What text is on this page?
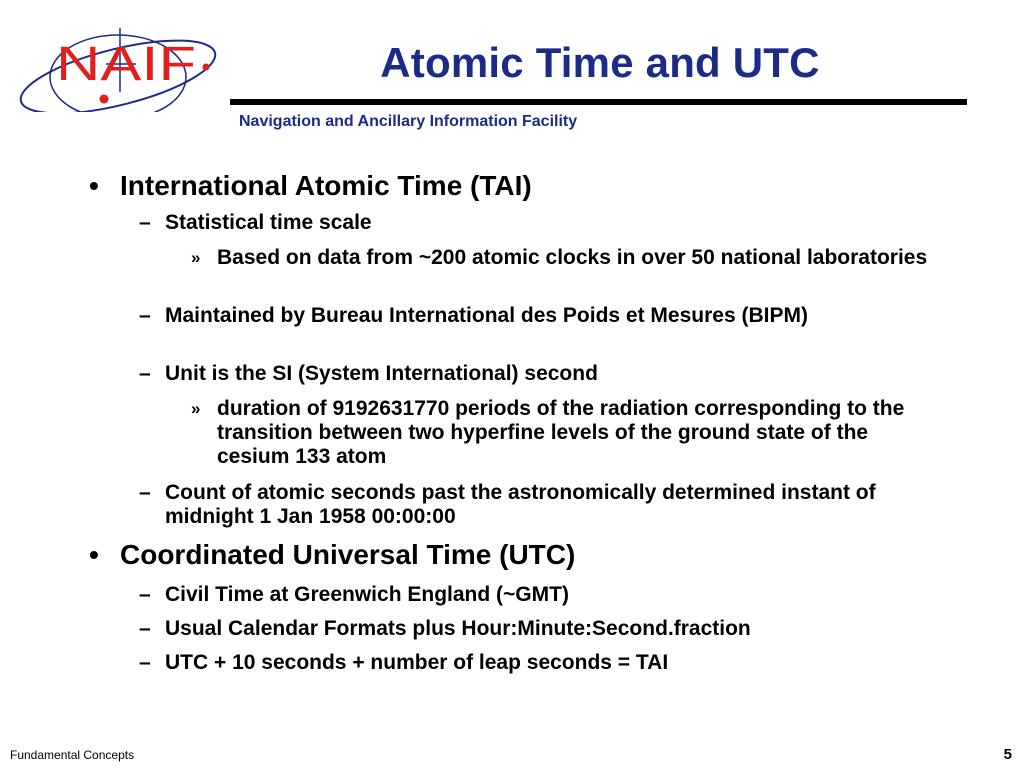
NAIF	Atomic Time and UTC
Navigation and Ancillary Information Facility
• International Atomic Time (TAI)
– Statistical time scale
» Based on data from ~200 atomic clocks in over 50 national laboratories
– Maintained by Bureau International des Poids et Mesures (BIPM)
– Unit is the SI (System International) second
» duration of 9192631770 periods of the radiation corresponding to the transition between two hyperfine levels of the ground state of the cesium 133 atom
– Count of atomic seconds past the astronomically determined instant of midnight 1 Jan 1958 00:00:00
• Coordinated Universal Time (UTC)
– Civil Time at Greenwich England (~GMT)
– Usual Calendar Formats plus Hour:Minute:Second.fraction
– UTC + 10 seconds + number of leap seconds = TAI
Fundamental Concepts	5
